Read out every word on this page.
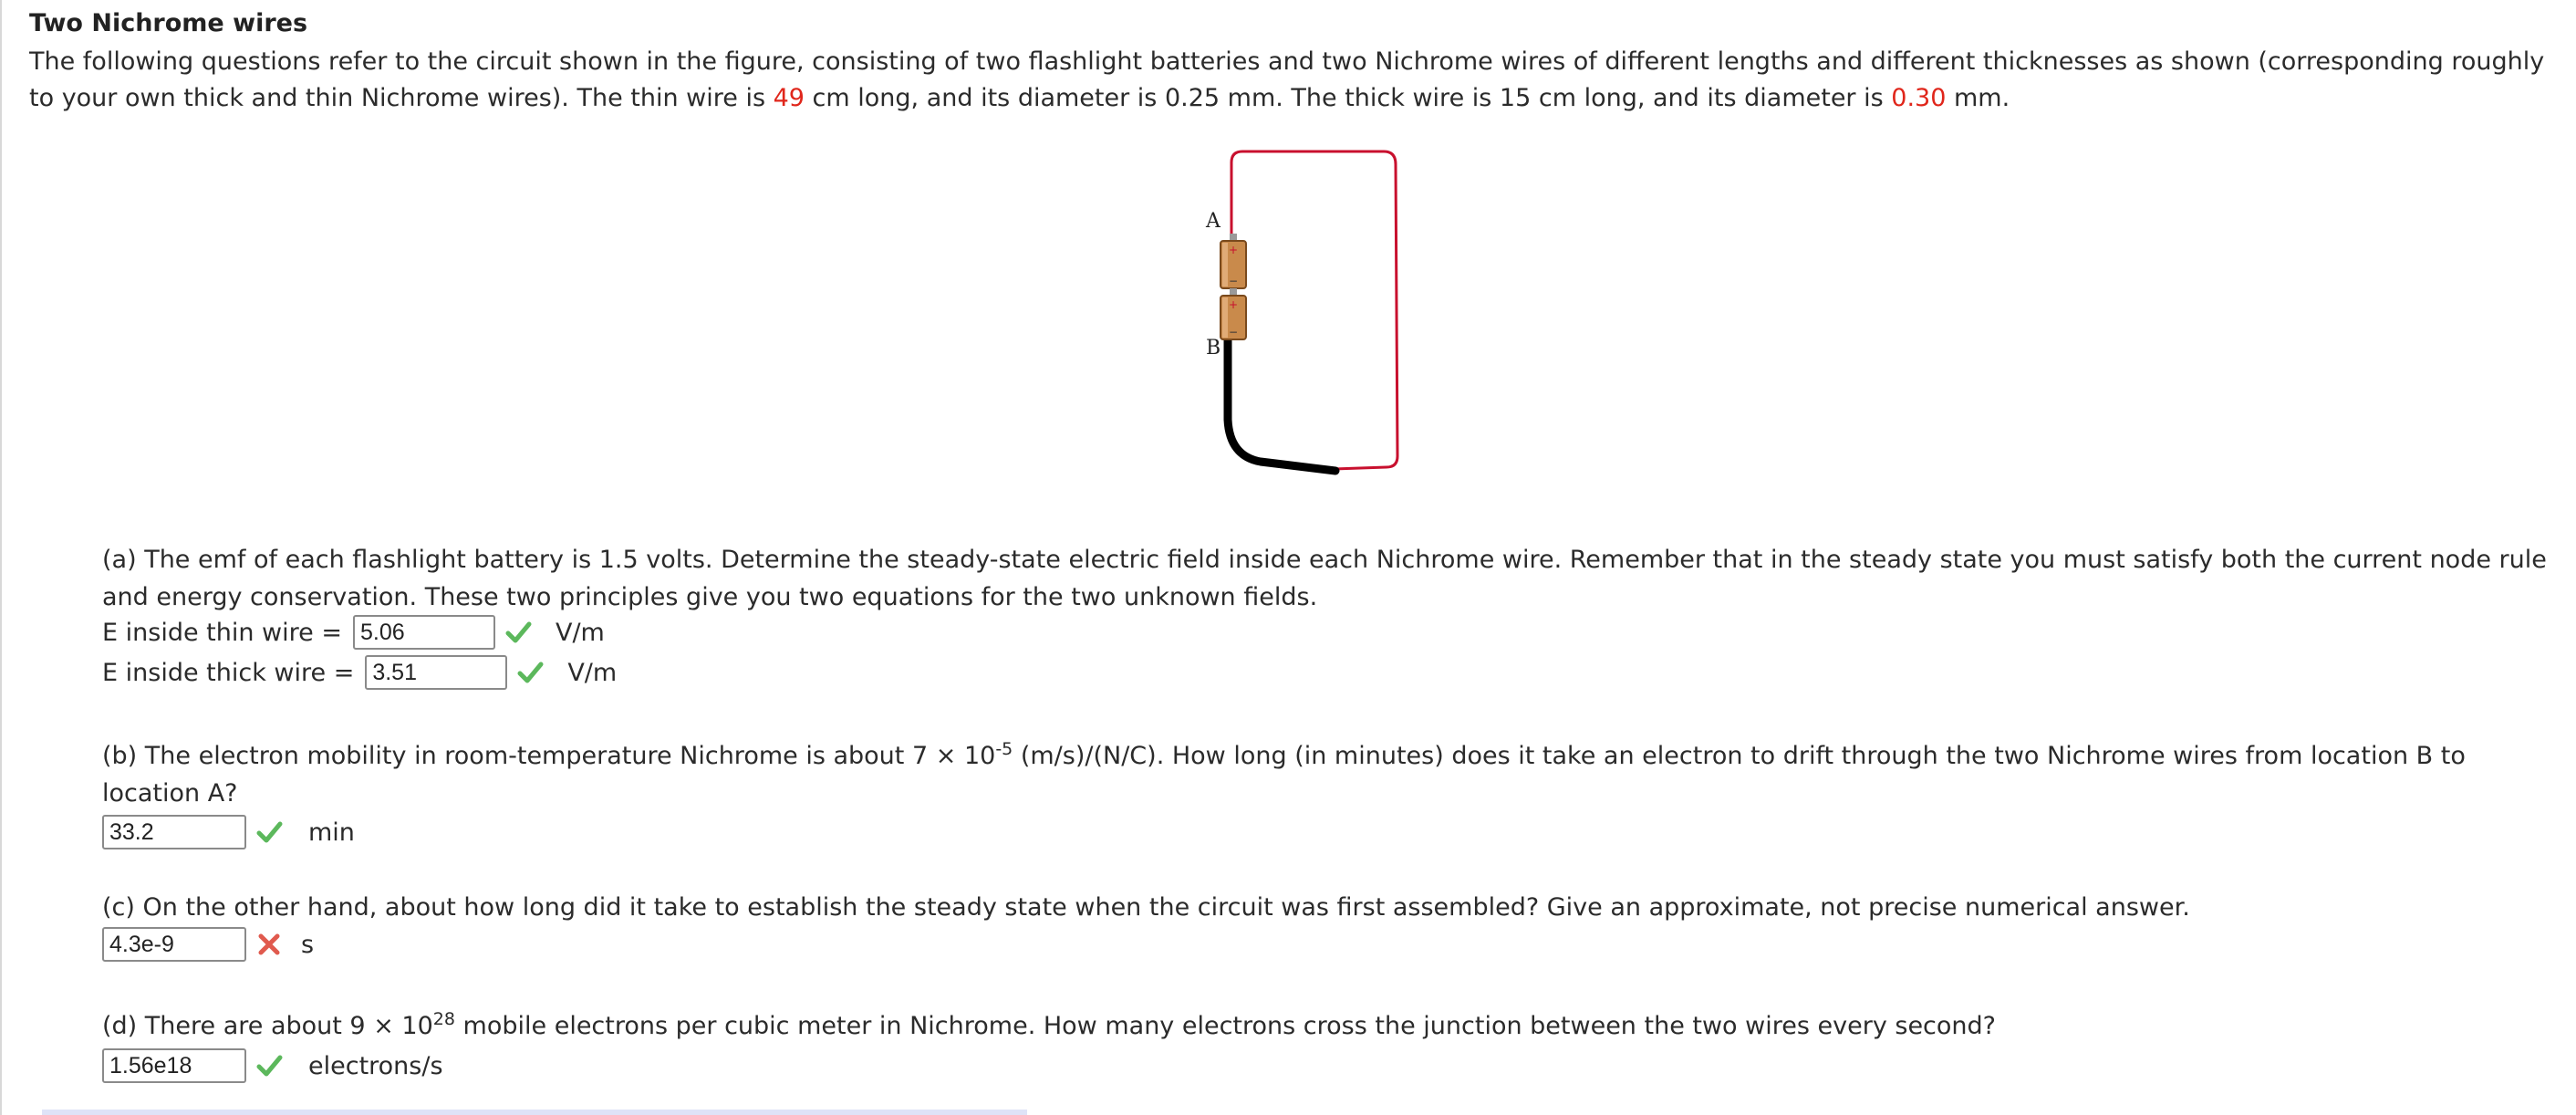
Two Nichrome wires
The following questions refer to the circuit shown in the figure, consisting of two flashlight batteries and two Nichrome wires of different lengths and different thicknesses as shown (corresponding roughly to your own thick and thin Nichrome wires). The thin wire is 49 cm long, and its diameter is 0.25 mm. The thick wire is 15 cm long, and its diameter is 0.30 mm.
+
−
+
−
A
B
(a) The emf of each flashlight battery is 1.5 volts. Determine the steady-state electric field inside each Nichrome wire. Remember that in the steady state you must satisfy both the current node rule and energy conservation. These two principles give you two equations for the two unknown fields.
E inside thin wire = 5.06	V/m
E inside thick wire = 3.51	V/m
(b) The electron mobility in room-temperature Nichrome is about $7 \times 10^{-5}$ (m/s)/(N/C). How long (in minutes) does it take an electron to drift through the two Nichrome wires from location B to location A?
33.2	min
(c) On the other hand, about how long did it take to establish the steady state when the circuit was first assembled? Give an approximate, not precise numerical answer.
4.3e-9	s
(d) There are about $9 \times 10^{28}$ mobile electrons per cubic meter in Nichrome. How many electrons cross the junction between the two wires every second?
1.56e18	electrons/s
